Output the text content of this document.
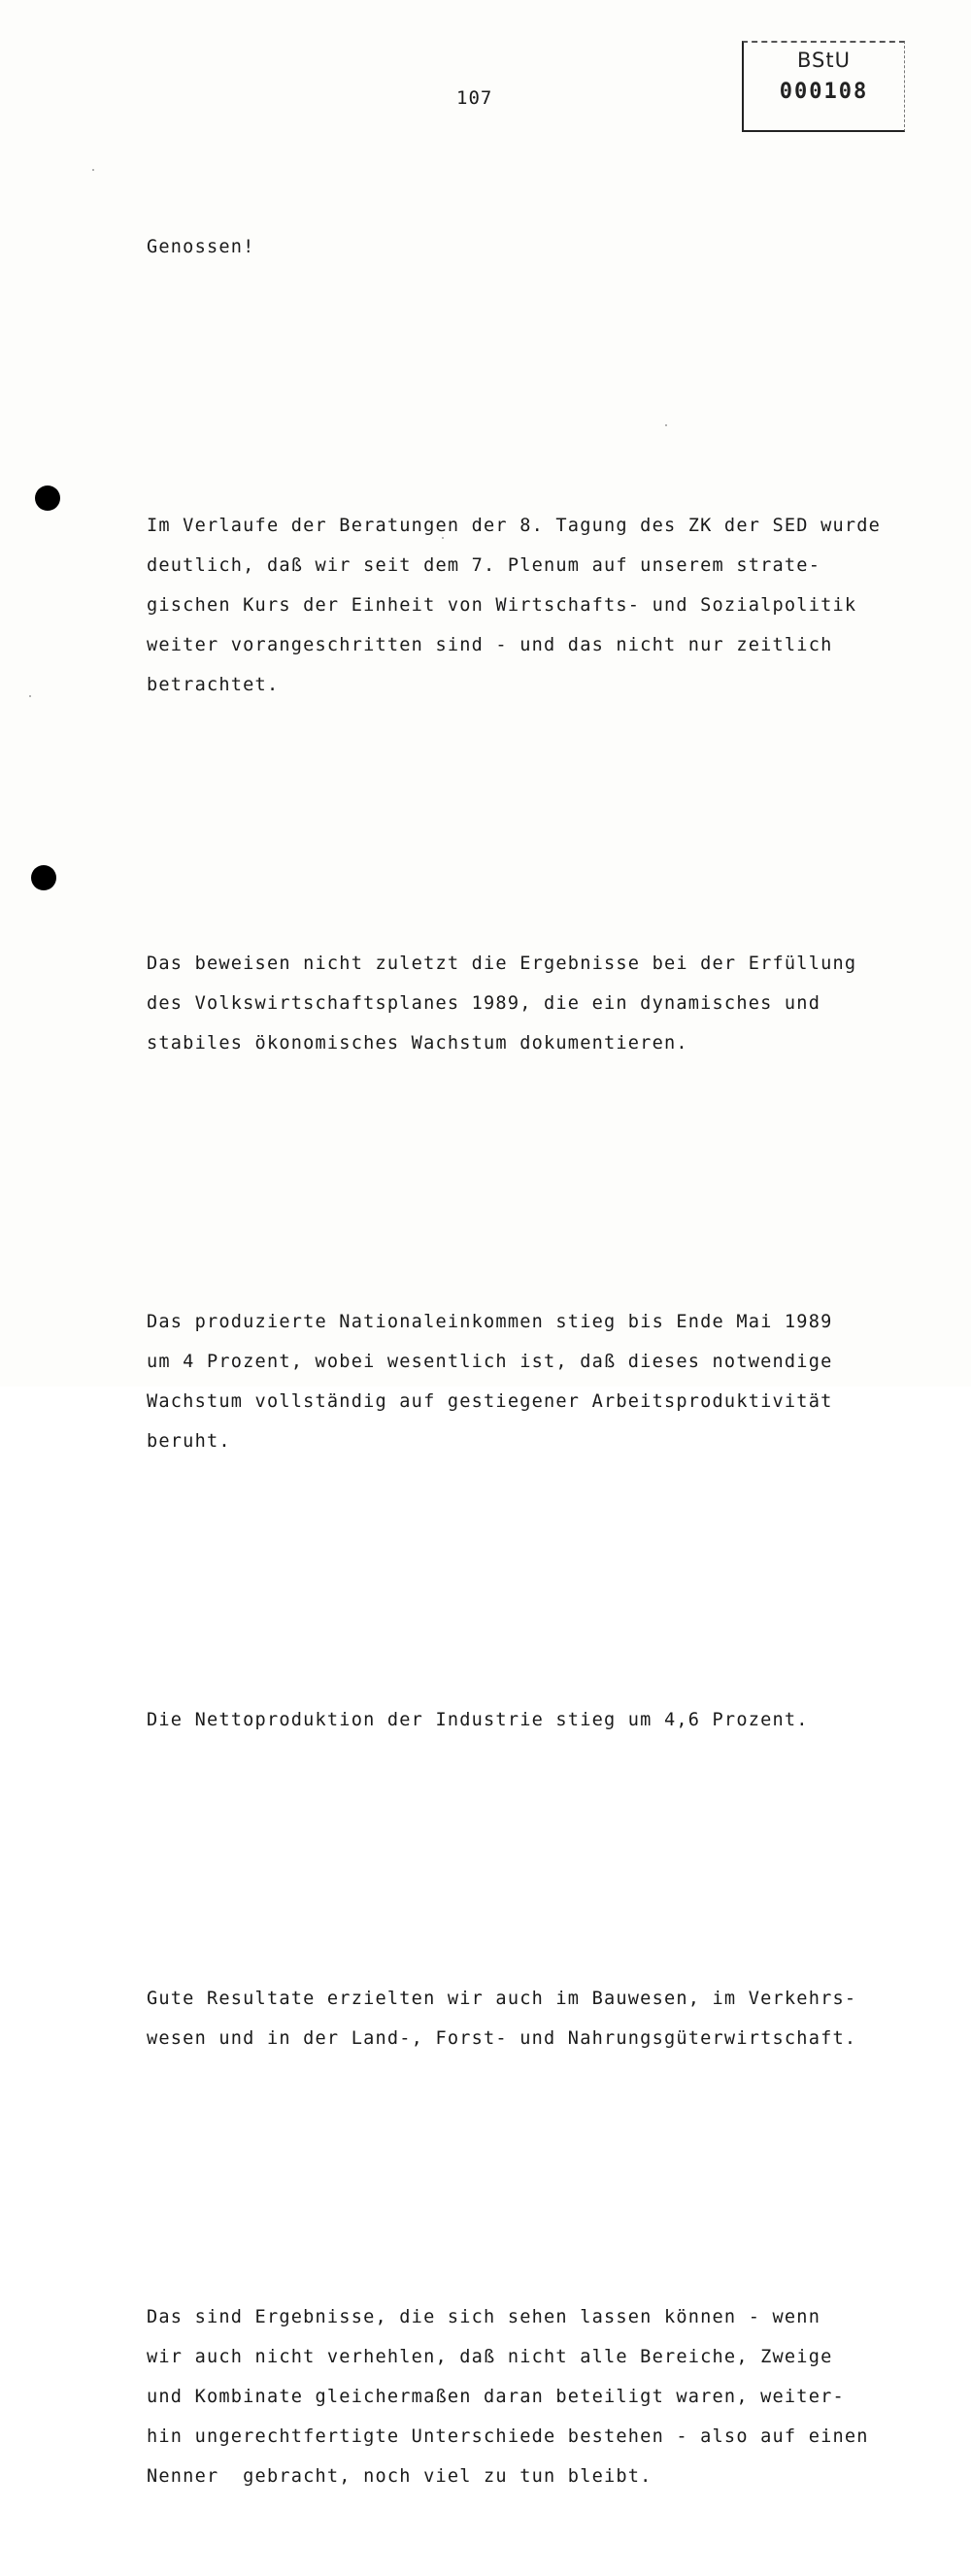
107
BStU
000108

Genossen!

Im Verlaufe der Beratungen der 8. Tagung des ZK der SED wurde
deutlich, daß wir seit dem 7. Plenum auf unserem strate-
gischen Kurs der Einheit von Wirtschafts- und Sozialpolitik
weiter vorangeschritten sind - und das nicht nur zeitlich
betrachtet.

Das beweisen nicht zuletzt die Ergebnisse bei der Erfüllung
des Volkswirtschaftsplanes 1989, die ein dynamisches und
stabiles ökonomisches Wachstum dokumentieren.

Das produzierte Nationaleinkommen stieg bis Ende Mai 1989
um 4 Prozent, wobei wesentlich ist, daß dieses notwendige
Wachstum vollständig auf gestiegener Arbeitsproduktivität
beruht.

Die Nettoproduktion der Industrie stieg um 4,6 Prozent.

Gute Resultate erzielten wir auch im Bauwesen, im Verkehrs-
wesen und in der Land-, Forst- und Nahrungsgüterwirtschaft.

Das sind Ergebnisse, die sich sehen lassen können - wenn
wir auch nicht verhehlen, daß nicht alle Bereiche, Zweige
und Kombinate gleichermaßen daran beteiligt waren, weiter-
hin ungerechtfertigte Unterschiede bestehen - also auf einen
Nenner  gebracht, noch viel zu tun bleibt.
